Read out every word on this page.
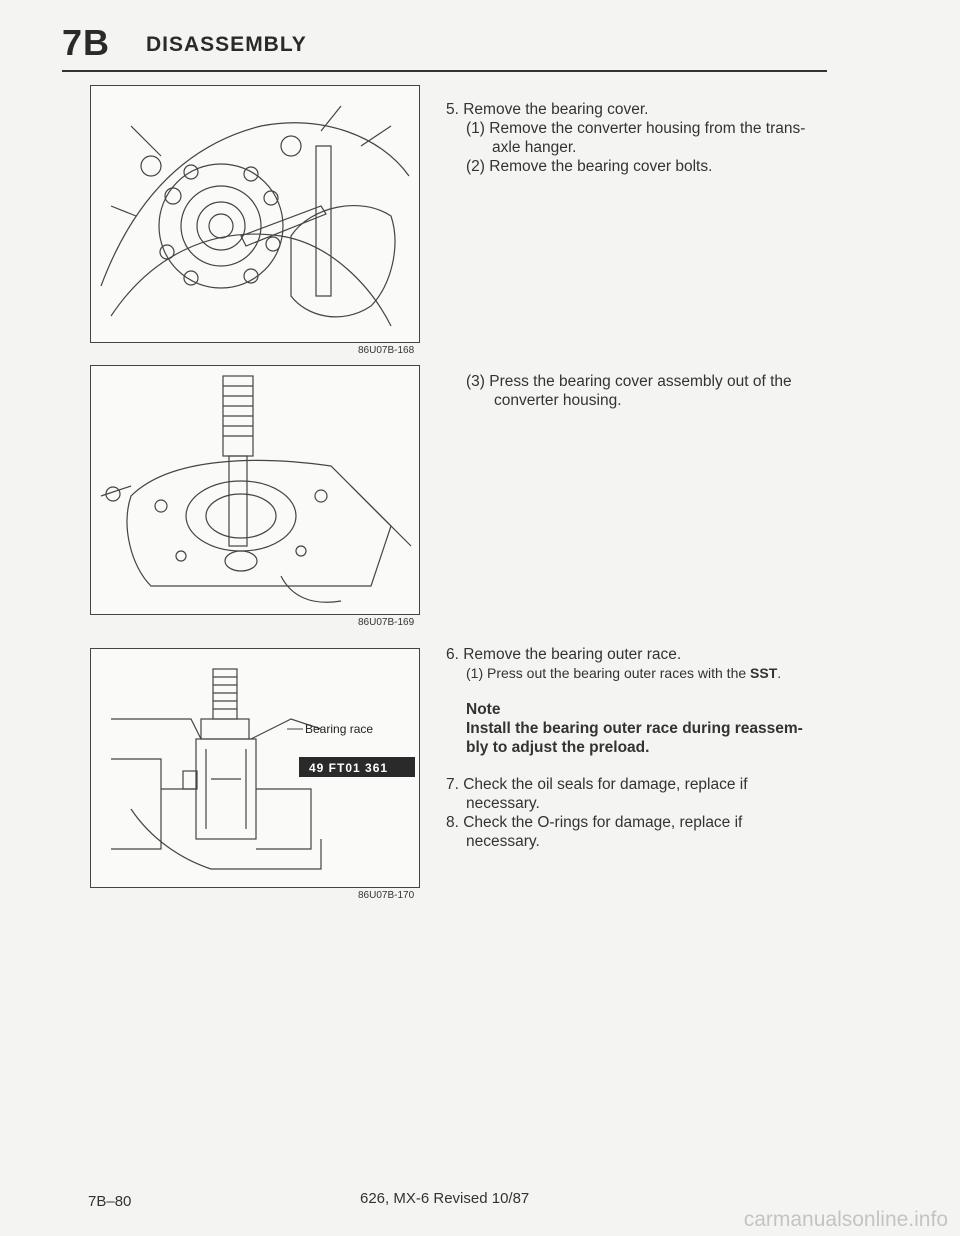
7B DISASSEMBLY
86U07B-168
86U07B-169
Bearing race
49 FT01 361
86U07B-170
5. Remove the bearing cover.
(1) Remove the converter housing from the trans-
axle hanger.
(2) Remove the bearing cover bolts.
(3) Press the bearing cover assembly out of the
converter housing.
6. Remove the bearing outer race.
(1) Press out the bearing outer races with the SST.
Note
Install the bearing outer race during reassem-
bly to adjust the preload.
7. Check the oil seals for damage, replace if
necessary.
8. Check the O-rings for damage, replace if
necessary.
7B–80	626, MX-6 Revised 10/87
carmanualsonline.info
